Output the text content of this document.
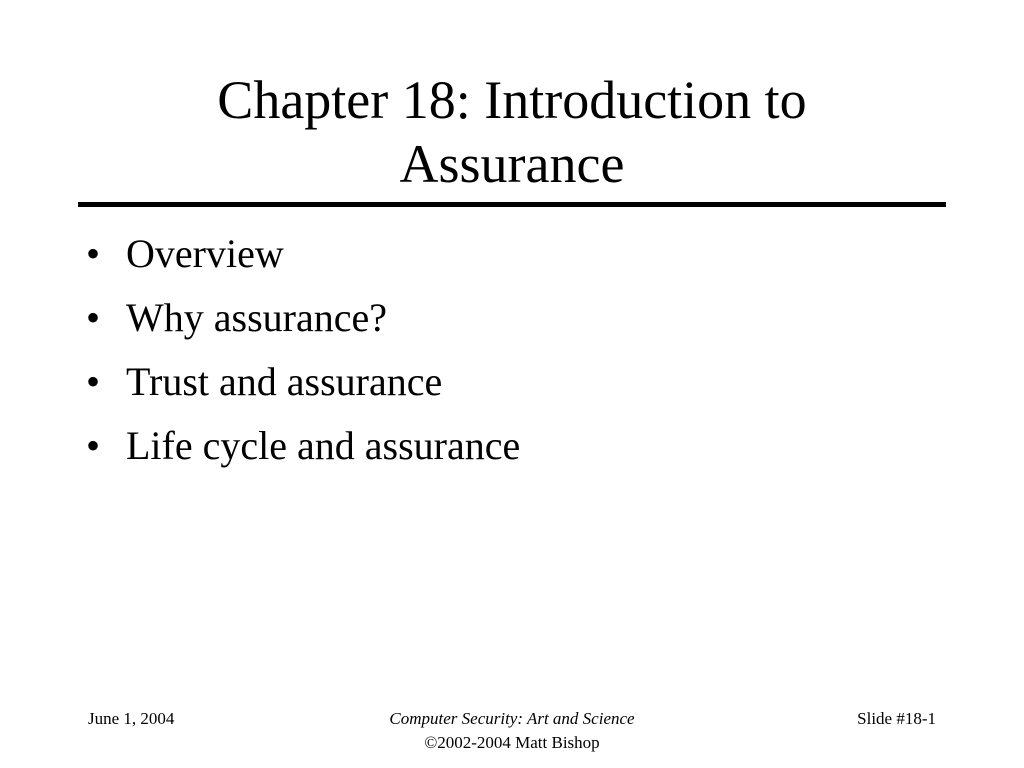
Chapter 18: Introduction to
Assurance
• Overview
• Why assurance?
• Trust and assurance
• Life cycle and assurance
June 1, 2004	Computer Security: Art and Science
©2002-2004 Matt Bishop
Slide #18-1
